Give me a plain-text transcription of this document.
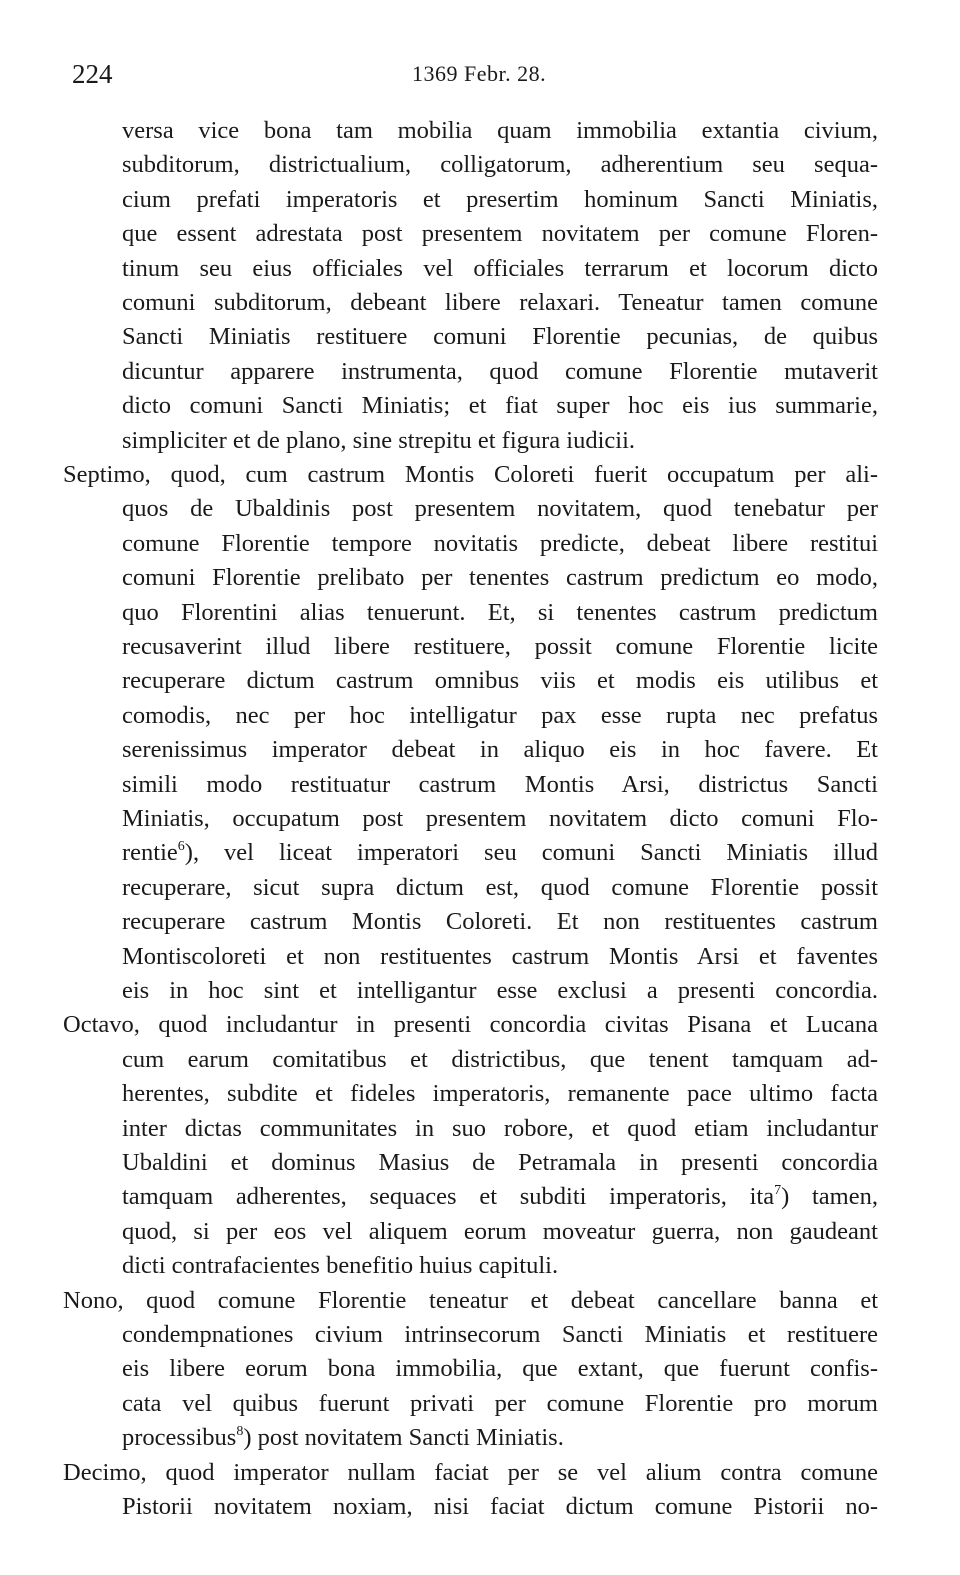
224	1369 Febr. 28.
versa vice bona tam mobilia quam immobilia extantia civium,
subditorum, districtualium, colligatorum, adherentium seu sequa-
cium prefati imperatoris et presertim hominum Sancti Miniatis,
que essent adrestata post presentem novitatem per comune Floren-
tinum seu eius officiales vel officiales terrarum et locorum dicto
comuni subditorum, debeant libere relaxari. Teneatur tamen comune
Sancti Miniatis restituere comuni Florentie pecunias, de quibus
dicuntur apparere instrumenta, quod comune Florentie mutaverit
dicto comuni Sancti Miniatis; et fiat super hoc eis ius summarie,
simpliciter et de plano, sine strepitu et figura iudicii.
Septimo, quod, cum castrum Montis Coloreti fuerit occupatum per ali-
quos de Ubaldinis post presentem novitatem, quod tenebatur per
comune Florentie tempore novitatis predicte, debeat libere restitui
comuni Florentie prelibato per tenentes castrum predictum eo modo,
quo Florentini alias tenuerunt. Et, si tenentes castrum predictum
recusaverint illud libere restituere, possit comune Florentie licite
recuperare dictum castrum omnibus viis et modis eis utilibus et
comodis, nec per hoc intelligatur pax esse rupta nec prefatus
serenissimus imperator debeat in aliquo eis in hoc favere. Et
simili modo restituatur castrum Montis Arsi, districtus Sancti
Miniatis, occupatum post presentem novitatem dicto comuni Flo-
rentie$^6$), vel liceat imperatori seu comuni Sancti Miniatis illud
recuperare, sicut supra dictum est, quod comune Florentie possit
recuperare castrum Montis Coloreti. Et non restituentes castrum
Montiscoloreti et non restituentes castrum Montis Arsi et faventes
eis in hoc sint et intelligantur esse exclusi a presenti concordia.
Octavo, quod includantur in presenti concordia civitas Pisana et Lucana
cum earum comitatibus et districtibus, que tenent tamquam ad-
herentes, subdite et fideles imperatoris, remanente pace ultimo facta
inter dictas communitates in suo robore, et quod etiam includantur
Ubaldini et dominus Masius de Petramala in presenti concordia
tamquam adherentes, sequaces et subditi imperatoris, ita$^7$) tamen,
quod, si per eos vel aliquem eorum moveatur guerra, non gaudeant
dicti contrafacientes benefitio huius capituli.
Nono, quod comune Florentie teneatur et debeat cancellare banna et
condempnationes civium intrinsecorum Sancti Miniatis et restituere
eis libere eorum bona immobilia, que extant, que fuerunt confis-
cata vel quibus fuerunt privati per comune Florentie pro morum
processibus$^8$) post novitatem Sancti Miniatis.
Decimo, quod imperator nullam faciat per se vel alium contra comune
Pistorii novitatem noxiam, nisi faciat dictum comune Pistorii no-
